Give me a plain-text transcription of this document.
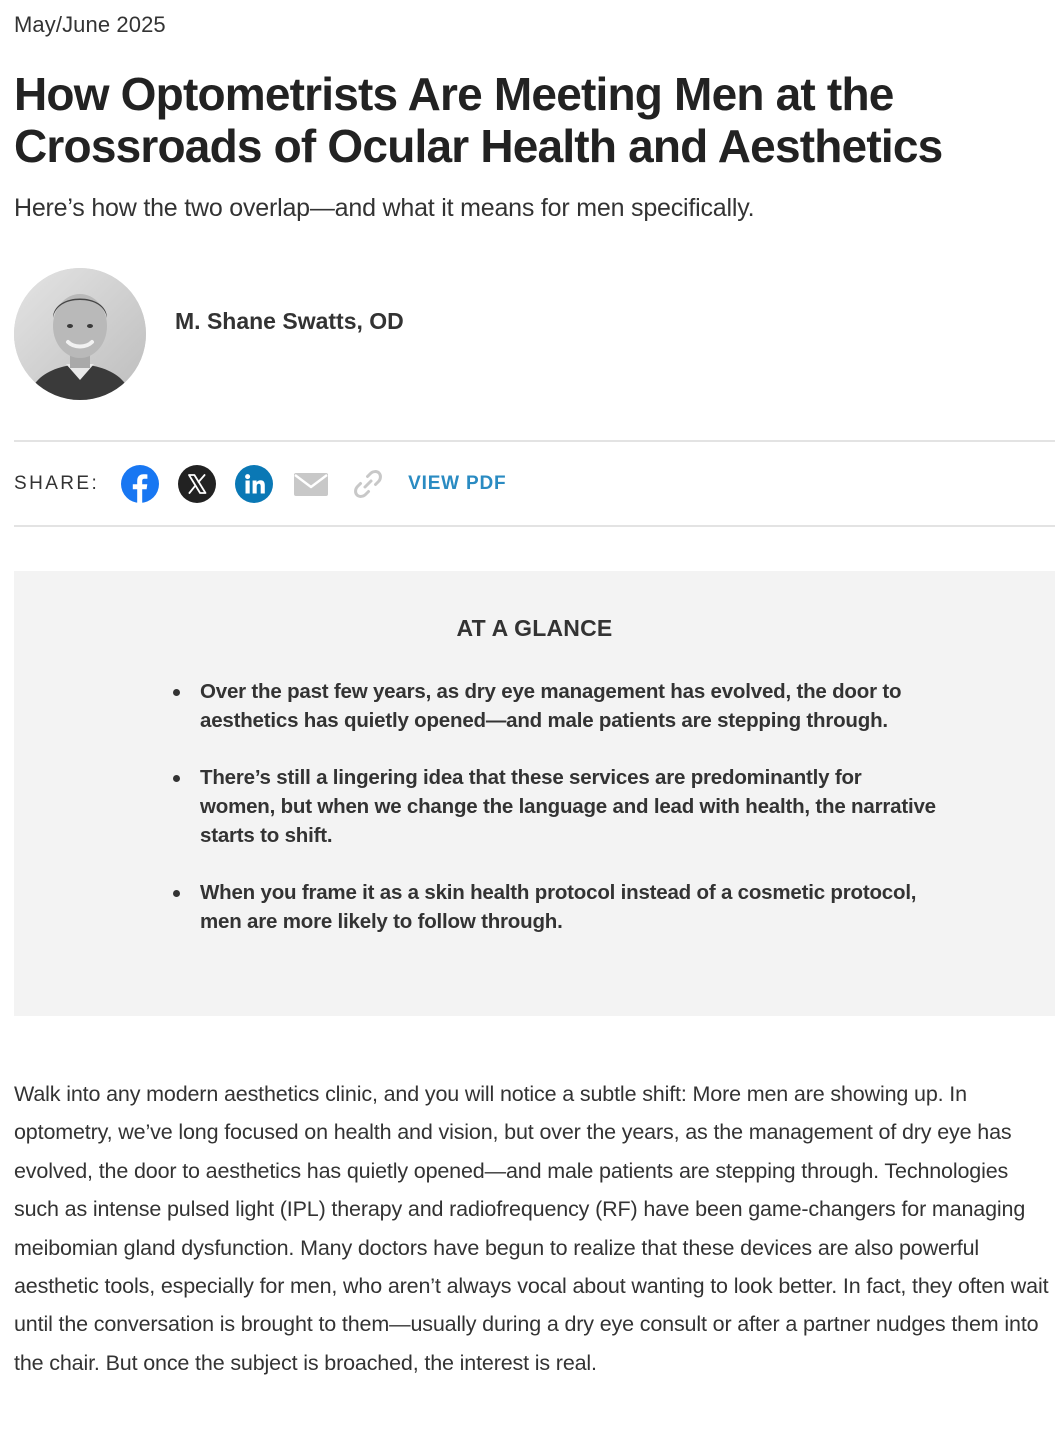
May/June 2025
How Optometrists Are Meeting Men at the Crossroads of Ocular Health and Aesthetics
Here’s how the two overlap—and what it means for men specifically.
M. Shane Swatts, OD
SHARE:	VIEW PDF
AT A GLANCE
Over the past few years, as dry eye management has evolved, the door to aesthetics has quietly opened—and male patients are stepping through.
There’s still a lingering idea that these services are predominantly for women, but when we change the language and lead with health, the narrative starts to shift.
When you frame it as a skin health protocol instead of a cosmetic protocol, men are more likely to follow through.

Walk into any modern aesthetics clinic, and you will notice a subtle shift: More men are showing up. In optometry, we’ve long focused on health and vision, but over the years, as the management of dry eye has evolved, the door to aesthetics has quietly opened—and male patients are stepping through. Technologies such as intense pulsed light (IPL) therapy and radiofrequency (RF) have been game-changers for managing meibomian gland dysfunction. Many doctors have begun to realize that these devices are also powerful aesthetic tools, especially for men, who aren’t always vocal about wanting to look better. In fact, they often wait until the conversation is brought to them—usually during a dry eye consult or after a partner nudges them into the chair. But once the subject is broached, the interest is real.
